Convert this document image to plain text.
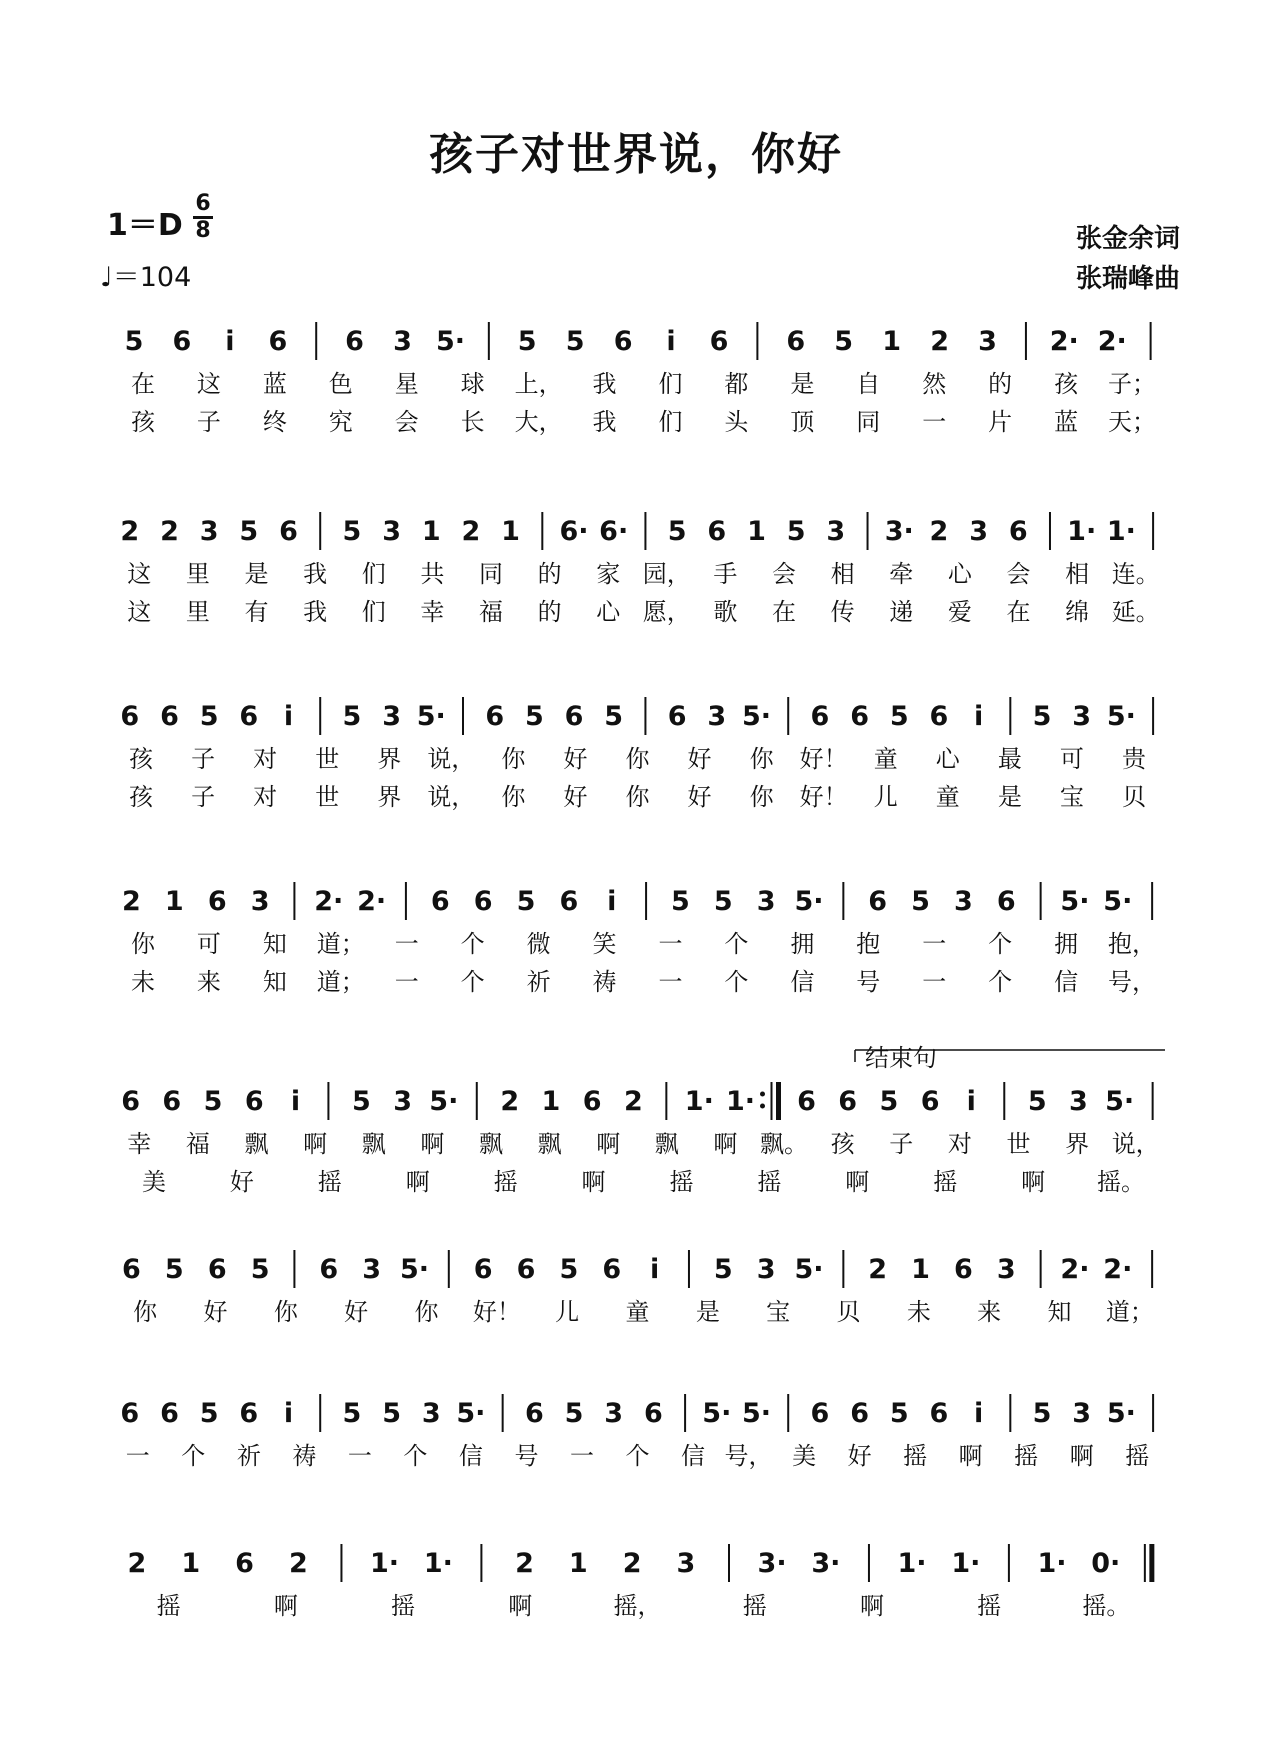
孩子对世界说，你好
1＝D
6
8
♩＝104
张金余词
张瑞峰曲
5 6 i 6 6 3 5· 5 5 6 i 6 6 5 1 2 3 2· 2·
在 这 蓝 色 星 球 上， 我 们 都 是 自 然 的 孩 子；
孩 子 终 究 会 长 大， 我 们 头 顶 同 一 片 蓝 天；
2 2 3 5 6 5 3 1 2 1 6· 6· 5 6 1 5 3 3· 2 3 6 1· 1·
这 里 是 我 们 共 同 的 家 园， 手 会 相 牵 心 会 相 连。
这 里 有 我 们 幸 福 的 心 愿， 歌 在 传 递 爱 在 绵 延。
6 6 5 6 i 5 3 5· 6 5 6 5 6 3 5· 6 6 5 6 i 5 3 5·
孩 子 对 世 界 说， 你 好 你 好 你 好！ 童 心 最 可 贵
孩 子 对 世 界 说， 你 好 你 好 你 好！ 儿 童 是 宝 贝
2 1 6 3 2· 2· 6 6 5 6 i 5 5 3 5· 6 5 3 6 5· 5·
你 可 知 道； 一 个 微 笑 一 个 拥 抱 一 个 拥 抱，
未 来 知 道； 一 个 祈 祷 一 个 信 号 一 个 信 号，
6 6 5 6 i 5 3 5· 2 1 6 2 1· 1· 6 6 5 6 i 5 3 5·
幸 福 飘 啊 飘 啊 飘 飘 啊 飘 啊 飘。 孩 子 对 世 界 说，
美	好	摇	啊	摇	啊	摇	摇	啊	摇	啊 摇。
6 5 6 5 6 3 5· 6 6 5 6 i 5 3 5· 2 1 6 3 2· 2·
你 好 你 好 你 好！ 儿 童 是 宝 贝 未 来 知 道；
6 6 5 6 i 5 5 3 5· 6 5 3 6 5· 5· 6 6 5 6 i 5 3 5·
一 个 祈 祷 一 个 信 号 一 个 信 号， 美 好 摇 啊 摇 啊 摇
2 1 6 2 1· 1· 2 1 2 3 3· 3· 1· 1· 1· 0·
摇	啊	摇	啊	摇，	摇	啊	摇	摇。
结束句
